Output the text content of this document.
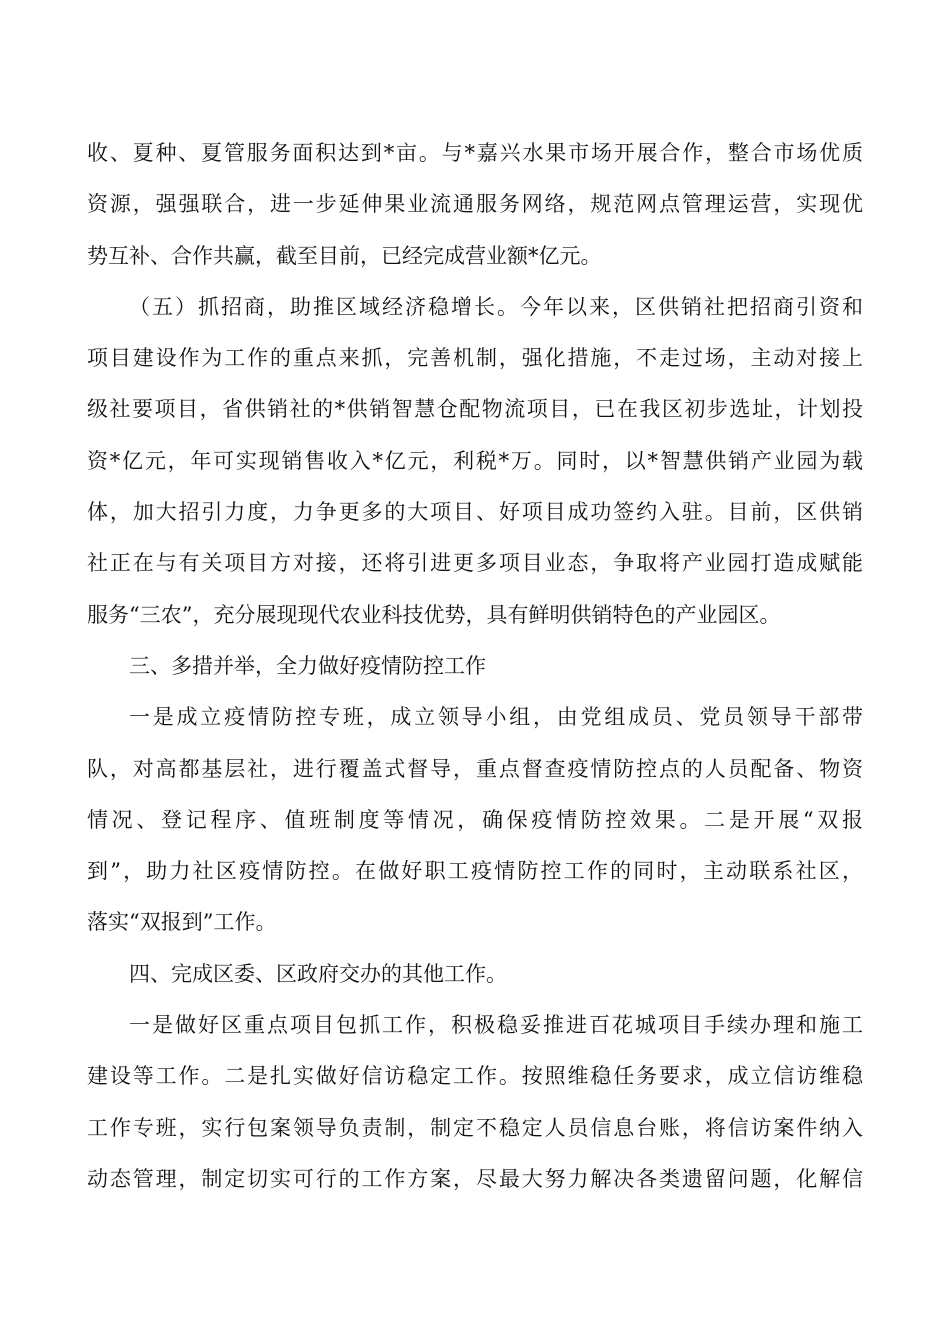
收、夏种、夏管服务面积达到*亩。与*嘉兴水果市场开展合作，整合市场优质
资源，强强联合，进一步延伸果业流通服务网络，规范网点管理运营，实现优
势互补、合作共赢，截至目前，已经完成营业额*亿元。
（五）抓招商，助推区域经济稳增长。今年以来，区供销社把招商引资和
项目建设作为工作的重点来抓，完善机制，强化措施，不走过场，主动对接上
级社要项目，省供销社的*供销智慧仓配物流项目，已在我区初步选址，计划投
资*亿元，年可实现销售收入*亿元，利税*万。同时，以*智慧供销产业园为载
体，加大招引力度，力争更多的大项目、好项目成功签约入驻。目前，区供销
社正在与有关项目方对接，还将引进更多项目业态，争取将产业园打造成赋能
服务“三农”，充分展现现代农业科技优势，具有鲜明供销特色的产业园区。
三、多措并举，全力做好疫情防控工作
一是成立疫情防控专班，成立领导小组，由党组成员、党员领导干部带
队，对高都基层社，进行覆盖式督导，重点督查疫情防控点的人员配备、物资
情况、登记程序、值班制度等情况，确保疫情防控效果。二是开展“双报
到”，助力社区疫情防控。在做好职工疫情防控工作的同时，主动联系社区，
落实“双报到”工作。
四、完成区委、区政府交办的其他工作。
一是做好区重点项目包抓工作，积极稳妥推进百花城项目手续办理和施工
建设等工作。二是扎实做好信访稳定工作。按照维稳任务要求，成立信访维稳
工作专班，实行包案领导负责制，制定不稳定人员信息台账，将信访案件纳入
动态管理，制定切实可行的工作方案，尽最大努力解决各类遗留问题，化解信
